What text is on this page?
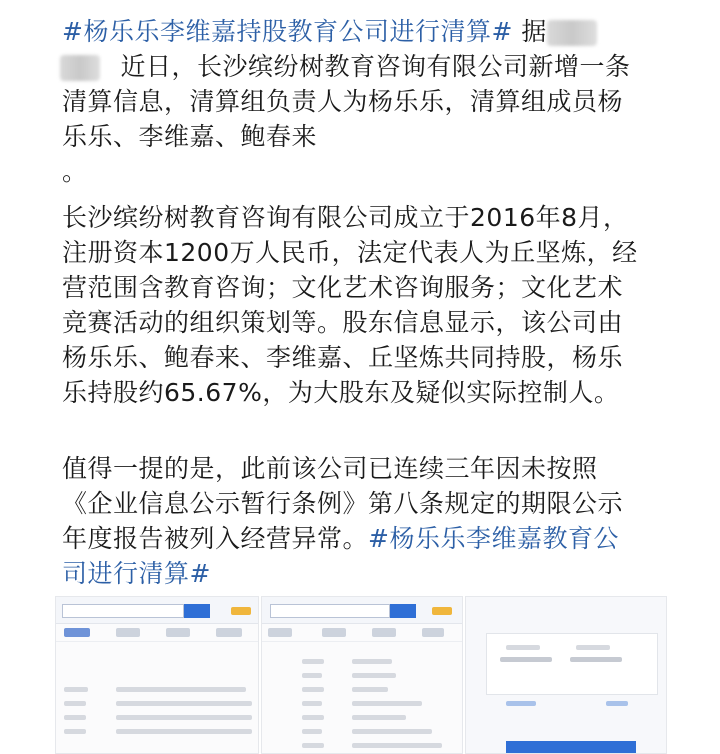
#杨乐乐李维嘉持股教育公司进行清算# 据
近日，长沙缤纷树教育咨询有限公司新增一条
清算信息，清算组负责人为杨乐乐，清算组成员杨
乐乐、李维嘉、鲍春来
。
长沙缤纷树教育咨询有限公司成立于2016年8月，
注册资本1200万人民币，法定代表人为丘坚炼，经
营范围含教育咨询；文化艺术咨询服务；文化艺术
竞赛活动的组织策划等。股东信息显示，该公司由
杨乐乐、鲍春来、李维嘉、丘坚炼共同持股，杨乐
乐持股约65.67%，为大股东及疑似实际控制人。
值得一提的是，此前该公司已连续三年因未按照
《企业信息公示暂行条例》第八条规定的期限公示
年度报告被列入经营异常。#杨乐乐李维嘉教育公
司进行清算#
